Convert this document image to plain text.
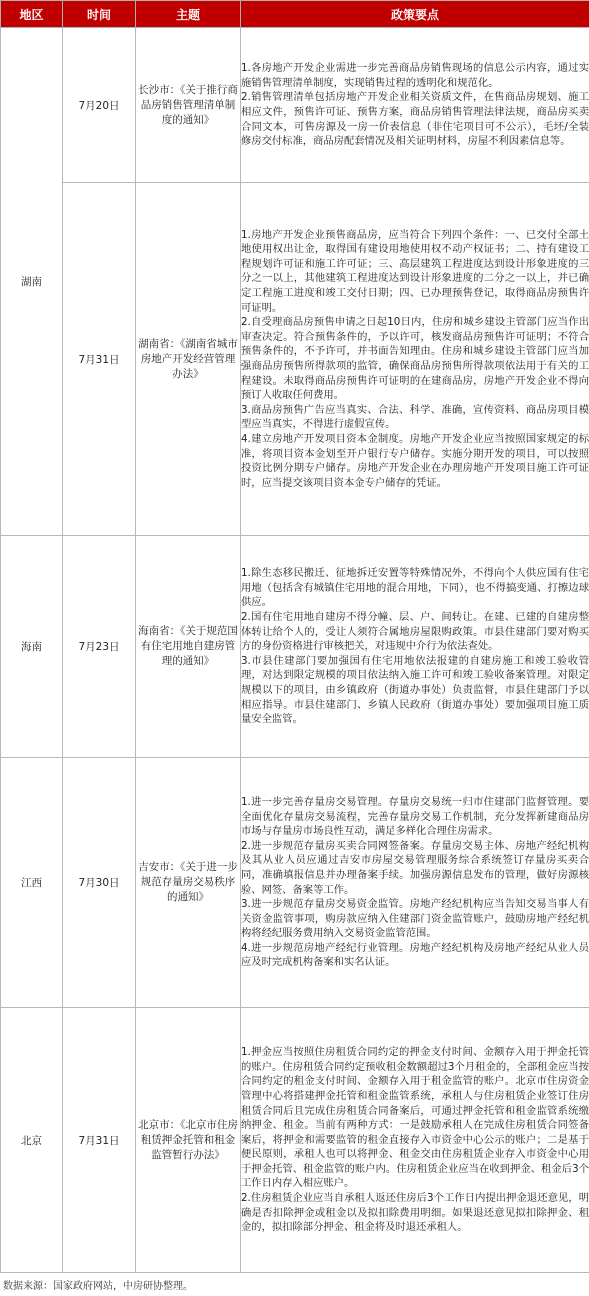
地区	时间	主题	政策要点
湖南	7月20日	长沙市：《关于推行商品房销售管理清单制度的通知》	1.各房地产开发企业需进一步完善商品房销售现场的信息公示内容，通过实施销售管理清单制度，实现销售过程的透明化和规范化。
2.销售管理清单包括房地产开发企业相关资质文件，在售商品房规划、施工相应文件，预售许可证、预售方案，商品房销售管理法律法规，商品房买卖合同文本，可售房源及一房一价表信息（非住宅项目可不公示），毛坯/全装修房交付标准，商品房配套情况及相关证明材料，房屋不利因素信息等。

	7月31日	湖南省：《湖南省城市房地产开发经营管理办法》	1.房地产开发企业预售商品房，应当符合下列四个条件：一、已交付全部土地使用权出让金，取得国有建设用地使用权不动产权证书；二、持有建设工程规划许可证和施工许可证；三、高层建筑工程进度达到设计形象进度的三分之一以上，其他建筑工程进度达到设计形象进度的二分之一以上，并已确定工程施工进度和竣工交付日期；四、已办理预售登记，取得商品房预售许可证明。
2.自受理商品房预售申请之日起10日内，住房和城乡建设主管部门应当作出审查决定。符合预售条件的，予以许可，核发商品房预售许可证明；不符合预售条件的，不予许可，并书面告知理由。住房和城乡建设主管部门应当加强商品房预售所得款项的监管，确保商品房预售所得款项依法用于有关的工程建设。未取得商品房预售许可证明的在建商品房，房地产开发企业不得向预订人收取任何费用。
3.商品房预售广告应当真实、合法、科学、准确，宣传资料、商品房项目模型应当真实，不得进行虚假宣传。
4.建立房地产开发项目资本金制度。房地产开发企业应当按照国家规定的标准，将项目资本金划至开户银行专户储存。实施分期开发的项目，可以按照投资比例分期专户储存。房地产开发企业在办理房地产开发项目施工许可证时，应当提交该项目资本金专户储存的凭证。

海南	7月23日	海南省：《关于规范国有住宅用地自建房管理的通知》	1.除生态移民搬迁、征地拆迁安置等特殊情况外，不得向个人供应国有住宅用地（包括含有城镇住宅用地的混合用地，下同），也不得搞变通、打擦边球供应。
2.国有住宅用地自建房不得分幢、层、户、间转让。在建、已建的自建房整体转让给个人的，受让人须符合属地房屋限购政策。市县住建部门要对购买方的身份资格进行审核把关，对违规中介行为依法查处。
3.市县住建部门要加强国有住宅用地依法报建的自建房施工和竣工验收管理，对达到限定规模的项目依法纳入施工许可和竣工验收备案管理。对限定规模以下的项目，由乡镇政府（街道办事处）负责监督，市县住建部门予以相应指导。市县住建部门、乡镇人民政府（街道办事处）要加强项目施工质量安全监管。

江西	7月30日	吉安市：《关于进一步规范存量房交易秩序的通知》	1.进一步完善存量房交易管理。存量房交易统一归市住建部门监督管理。要全面优化存量房交易流程，完善存量房交易工作机制，充分发挥新建商品房市场与存量房市场良性互动，满足多样化合理住房需求。
2.进一步规范存量房买卖合同网签备案。存量房交易主体、房地产经纪机构及其从业人员应通过吉安市房屋交易管理服务综合系统签订存量房买卖合同，准确填报信息并办理备案手续。加强房源信息发布的管理，做好房源核验、网签、备案等工作。
3.进一步规范存量房交易资金监管。房地产经纪机构应当告知交易当事人有关资金监管事项，购房款应纳入住建部门资金监管账户，鼓励房地产经纪机构将经纪服务费用纳入交易资金监管范围。
4.进一步规范房地产经纪行业管理。房地产经纪机构及房地产经纪从业人员应及时完成机构备案和实名认证。

北京	7月31日	北京市：《北京市住房租赁押金托管和租金监管暂行办法》	1.押金应当按照住房租赁合同约定的押金支付时间、金额存入用于押金托管的账户。住房租赁合同约定预收租金数额超过3个月租金的，全部租金应当按合同约定的租金支付时间、金额存入用于租金监管的账户。北京市住房资金管理中心将搭建押金托管和租金监管系统，承租人与住房租赁企业签订住房租赁合同后且完成住房租赁合同备案后，可通过押金托管和租金监管系统缴纳押金、租金。当前有两种方式：一是鼓励承租人在完成住房租赁合同签备案后，将押金和需要监管的租金直接存入市资金中心公示的账户；二是基于便民原则，承租人也可以将押金、租金交由住房租赁企业存入市资金中心用于押金托管、租金监管的账户内。住房租赁企业应当在收到押金、租金后3个工作日内存入相应账户。
2.住房租赁企业应当自承租人返还住房后3个工作日内提出押金退还意见，明确是否扣除押金或租金以及拟扣除费用明细。如果退还意见拟扣除押金、租金的，拟扣除部分押金、租金将及时退还承租人。
数据来源：国家政府网站，中房研协整理。
